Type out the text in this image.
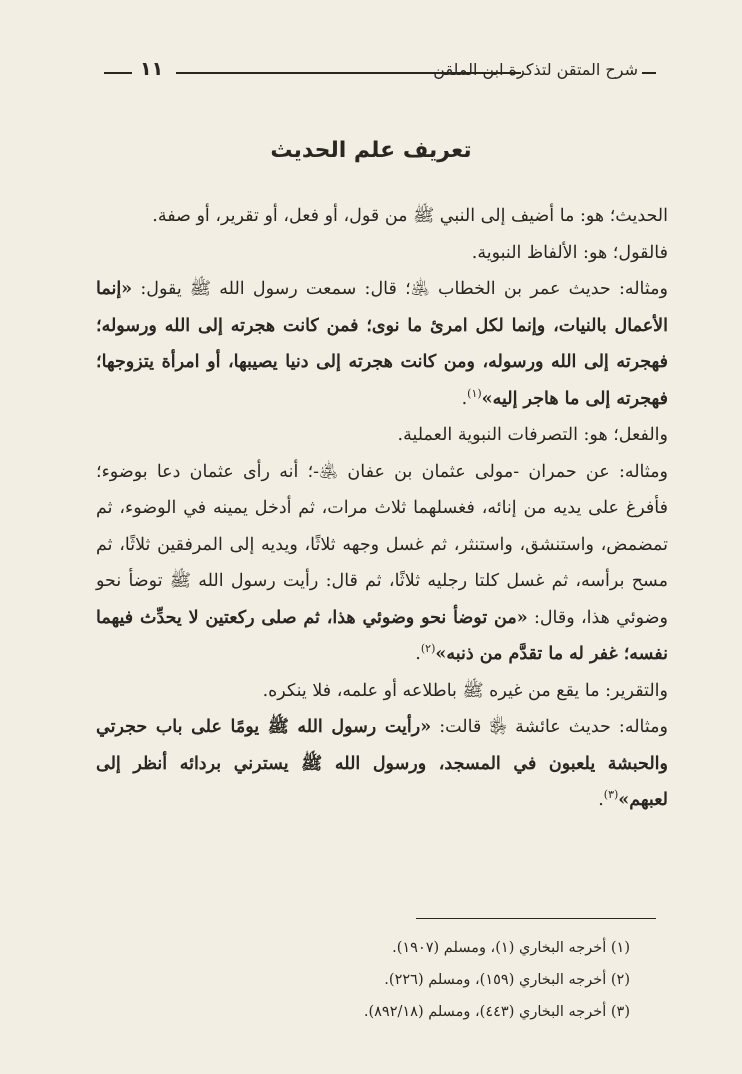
١١	شرح المتقن لتذكرة ابن الملقن
تعريف علم الحديث

الحديث؛ هو: ما أضيف إلى النبي ﷺ من قول، أو فعل، أو تقرير، أو صفة.

فالقول؛ هو: الألفاظ النبوية.

ومثاله: حديث عمر بن الخطاب ﵁؛ قال: سمعت رسول الله ﷺ يقول: «إنما الأعمال بالنيات، وإنما لكل امرئ ما نوى؛ فمن كانت هجرته إلى الله ورسوله؛ فهجرته إلى الله ورسوله، ومن كانت هجرته إلى دنيا يصيبها، أو امرأة يتزوجها؛ فهجرته إلى ما هاجر إليه»$^{(١)}$.

والفعل؛ هو: التصرفات النبوية العملية.

ومثاله: عن حمران -مولى عثمان بن عفان ﵁-؛ أنه رأى عثمان دعا بوضوء؛ فأفرغ على يديه من إنائه، فغسلهما ثلاث مرات، ثم أدخل يمينه في الوضوء، ثم تمضمض، واستنشق، واستنثر، ثم غسل وجهه ثلاثًا، ويديه إلى المرفقين ثلاثًا، ثم مسح برأسه، ثم غسل كلتا رجليه ثلاثًا، ثم قال: رأيت رسول الله ﷺ توضأ نحو وضوئي هذا، وقال: «من توضأ نحو وضوئي هذا، ثم صلى ركعتين لا يحدِّث فيهما نفسه؛ غفر له ما تقدَّم من ذنبه»$^{(٢)}$.

والتقرير: ما يقع من غيره ﷺ باطلاعه أو علمه، فلا ينكره.

ومثاله: حديث عائشة ﵂ قالت: «رأيت رسول الله ﷺ يومًا على باب حجرتي والحبشة يلعبون في المسجد، ورسول الله ﷺ يسترني بردائه أنظر إلى لعبهم»$^{(٣)}$.

(١) أخرجه البخاري (١)، ومسلم (١٩٠٧).

(٢) أخرجه البخاري (١٥٩)، ومسلم (٢٢٦).

(٣) أخرجه البخاري (٤٤٣)، ومسلم (٨٩٢/١٨).
